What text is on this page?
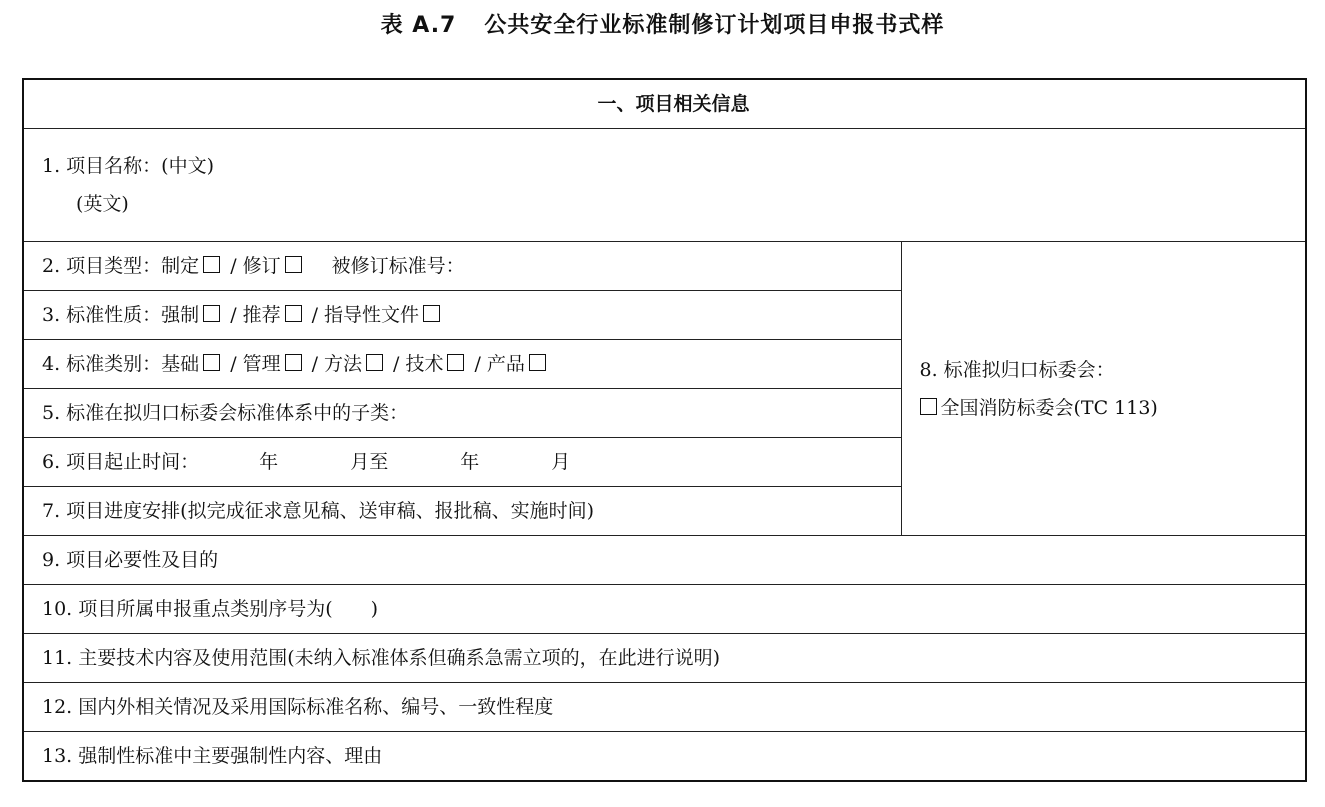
表 A.7 公共安全行业标准制修订计划项目申报书式样
一、项目相关信息

1. 项目名称：(中文)
(英文)

2. 项目类型：制定 / 修订	被修订标准号：	
8. 标准拟归口标委会：
全国消防标委会(TC 113)

3. 标准性质：强制 / 推荐 / 指导性文件
4. 标准类别：基础 / 管理 / 方法 / 技术 / 产品
5. 标准在拟归口标委会标准体系中的子类：
6. 项目起止时间：	年	月至	年	月
7. 项目进度安排(拟完成征求意见稿、送审稿、报批稿、实施时间)
9. 项目必要性及目的
10. 项目所属申报重点类别序号为(　　)
11. 主要技术内容及使用范围(未纳入标准体系但确系急需立项的，在此进行说明)
12. 国内外相关情况及采用国际标准名称、编号、一致性程度
13. 强制性标准中主要强制性内容、理由
